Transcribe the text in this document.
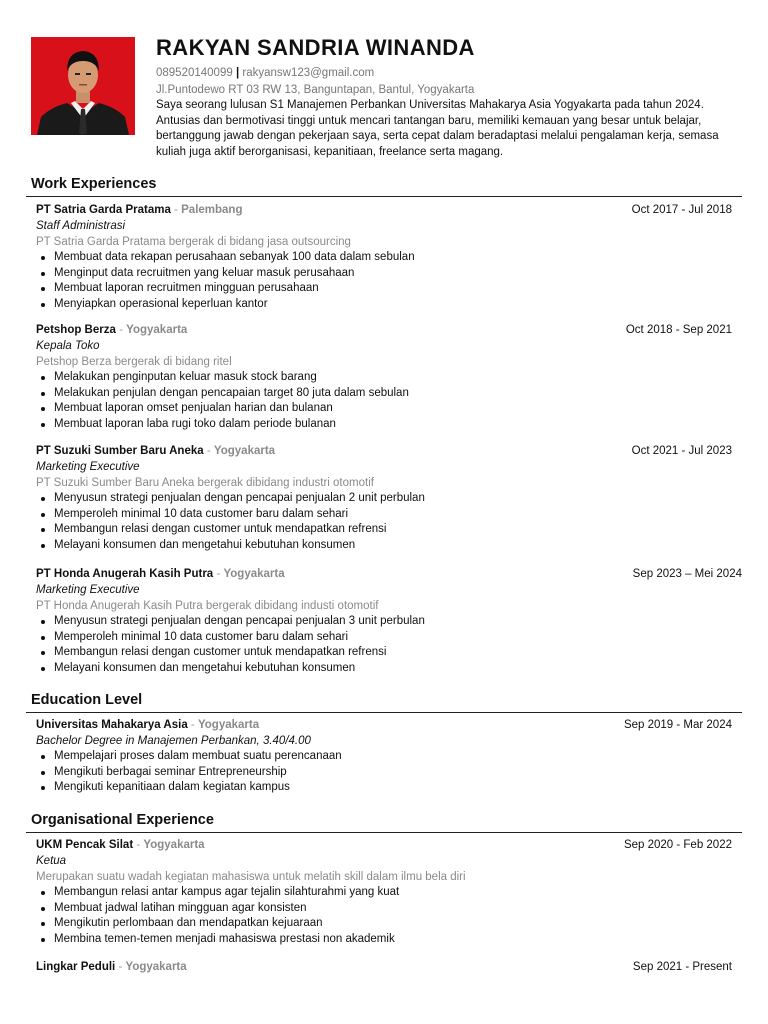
RAKYAN SANDRIA WINANDA
089520140099 | rakyansw123@gmail.com
Jl.Puntodewo RT 03 RW 13, Banguntapan, Bantul, Yogyakarta
Saya seorang lulusan S1 Manajemen Perbankan Universitas Mahakarya Asia Yogyakarta pada tahun 2024. Antusias dan bermotivasi tinggi untuk mencari tantangan baru, memiliki kemauan yang besar untuk belajar, bertanggung jawab dengan pekerjaan saya, serta cepat dalam beradaptasi melalui pengalaman kerja, semasa kuliah juga aktif berorganisasi, kepanitiaan, freelance serta magang.
Work Experiences
PT Satria Garda Pratama - Palembang	Oct 2017 - Jul 2018
Staff Administrasi
PT Satria Garda Pratama bergerak di bidang jasa outsourcing
Membuat data rekapan perusahaan sebanyak 100 data dalam sebulan
Menginput data recruitmen yang keluar masuk perusahaan
Membuat laporan recruitmen mingguan perusahaan
Menyiapkan operasional keperluan kantor
Petshop Berza - Yogyakarta	Oct 2018 - Sep 2021
Kepala Toko
Petshop Berza bergerak di bidang ritel
Melakukan penginputan keluar masuk stock barang
Melakukan penjulan dengan pencapaian target 80 juta dalam sebulan
Membuat laporan omset penjualan harian dan bulanan
Membuat laporan laba rugi toko dalam periode bulanan
PT Suzuki Sumber Baru Aneka - Yogyakarta	Oct 2021 - Jul 2023
Marketing Executive
PT Suzuki Sumber Baru Aneka bergerak dibidang industri otomotif
Menyusun strategi penjualan dengan pencapai penjualan 2 unit perbulan
Memperoleh minimal 10 data customer baru dalam sehari
Membangun relasi dengan customer untuk mendapatkan refrensi
Melayani konsumen dan mengetahui kebutuhan konsumen
PT Honda Anugerah Kasih Putra - Yogyakarta	Sep 2023 – Mei 2024
Marketing Executive
PT Honda Anugerah Kasih Putra bergerak dibidang industi otomotif
Menyusun strategi penjualan dengan pencapai penjualan 3 unit perbulan
Memperoleh minimal 10 data customer baru dalam sehari
Membangun relasi dengan customer untuk mendapatkan refrensi
Melayani konsumen dan mengetahui kebutuhan konsumen
Education Level
Universitas Mahakarya Asia - Yogyakarta	Sep 2019 - Mar 2024
Bachelor Degree in Manajemen Perbankan, 3.40/4.00
Mempelajari proses dalam membuat suatu perencanaan
Mengikuti berbagai seminar Entrepreneurship
Mengikuti kepanitiaan dalam kegiatan kampus
Organisational Experience
UKM Pencak Silat - Yogyakarta	Sep 2020 - Feb 2022
Ketua
Merupakan suatu wadah kegiatan mahasiswa untuk melatih skill dalam ilmu bela diri
Membangun relasi antar kampus agar tejalin silahturahmi yang kuat
Membuat jadwal latihan mingguan agar konsisten
Mengikutin perlombaan dan mendapatkan kejuaraan
Membina temen-temen menjadi mahasiswa prestasi non akademik
Lingkar Peduli - Yogyakarta	Sep 2021 - Present
